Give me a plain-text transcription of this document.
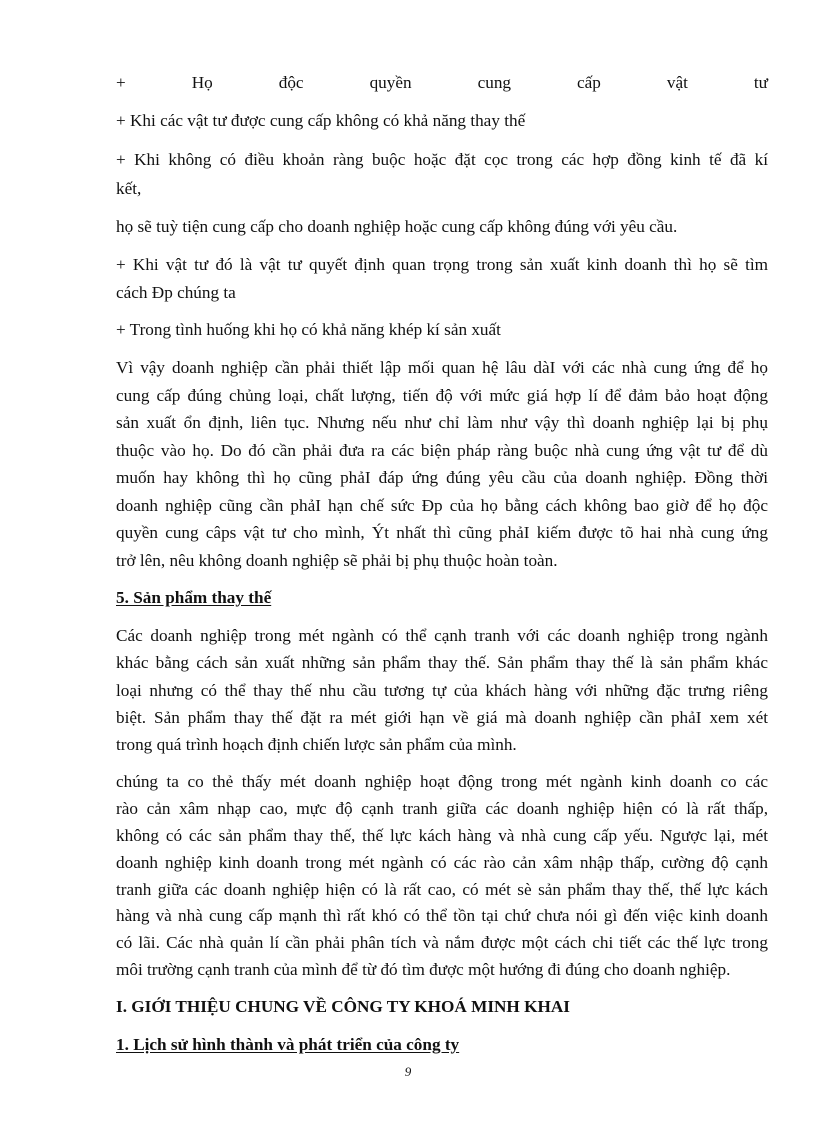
+ Họ độc quyền cung cấp vật tư
+ Khi các vật tư được cung cấp không có khả năng thay thế
+ Khi không có điều khoản ràng buộc hoặc đặt cọc trong các hợp đồng kinh tế đã kí
kết,
họ sẽ tuỳ tiện cung cấp cho doanh nghiệp hoặc cung cấp không đúng với yêu cầu.
+ Khi vật tư đó là vật tư quyết định quan trọng trong sản xuất kinh doanh thì họ sẽ tìm
cách Đp chúng ta
+ Trong tình huống khi họ có khả năng khép kí sản xuất
Vì vậy doanh nghiệp cần phải thiết lập mối quan hệ lâu dàI với các nhà cung ứng để họ
cung cấp đúng chủng loại, chất lượng, tiến độ với mức giá hợp lí để đảm bảo hoạt động
sản xuất ổn định, liên tục. Nhưng nếu như chỉ làm như vậy thì doanh nghiệp lại bị phụ
thuộc vào họ. Do đó cần phải đưa ra các biện pháp ràng buộc nhà cung ứng vật tư để dù
muốn hay không thì họ cũng phảI đáp ứng đúng yêu cầu của doanh nghiệp. Đồng thời
doanh nghiệp cũng cần phảI hạn chế sức Đp của họ bằng cách không bao giờ để họ độc
quyền cung câps vật tư cho mình, Ýt nhất thì cũng phảI kiếm được tõ hai nhà cung ứng
trở lên, nêu không doanh nghiệp sẽ phải bị phụ thuộc hoàn toàn.
5. Sản phẩm thay thế
Các doanh nghiệp trong mét ngành có thể cạnh tranh với các doanh nghiệp trong ngành
khác bằng cách sản xuất những sản phẩm thay thế. Sản phẩm thay thế là sản phẩm khác
loại nhưng có thể thay thế nhu cầu tương tự của khách hàng với những đặc trưng riêng
biệt. Sản phẩm thay thế đặt ra mét giới hạn về giá mà doanh nghiệp cần phảI xem xét
trong quá trình hoạch định chiến lược sản phẩm của mình.
chúng ta co thẻ thấy mét doanh nghiệp hoạt động trong mét ngành kinh doanh co các
rào cản xâm nhạp cao, mực độ cạnh tranh giữa các doanh nghiệp hiện có là rất thấp,
không có các sản phẩm thay thế, thế lực kách hàng và nhà cung cấp yếu. Ngược lại, mét
doanh nghiệp kinh doanh trong mét ngành có các rào cản xâm nhập thấp, cường độ cạnh
tranh giữa các doanh nghiệp hiện có là rất cao, có mét sè sản phẩm thay thế, thế lực kách
hàng và nhà cung cấp mạnh thì rất khó có thể tồn tại chứ chưa nói gì đến việc kinh doanh
có lãi. Các nhà quản lí cần phải phân tích và nắm được một cách chi tiết các thế lực trong
môi trường cạnh tranh của mình để từ đó tìm được một hướng đi đúng cho doanh nghiệp.
I. GIỚI THIỆU CHUNG VỀ CÔNG TY KHOÁ MINH KHAI
1. Lịch sử hình thành và phát triển của công ty
9
